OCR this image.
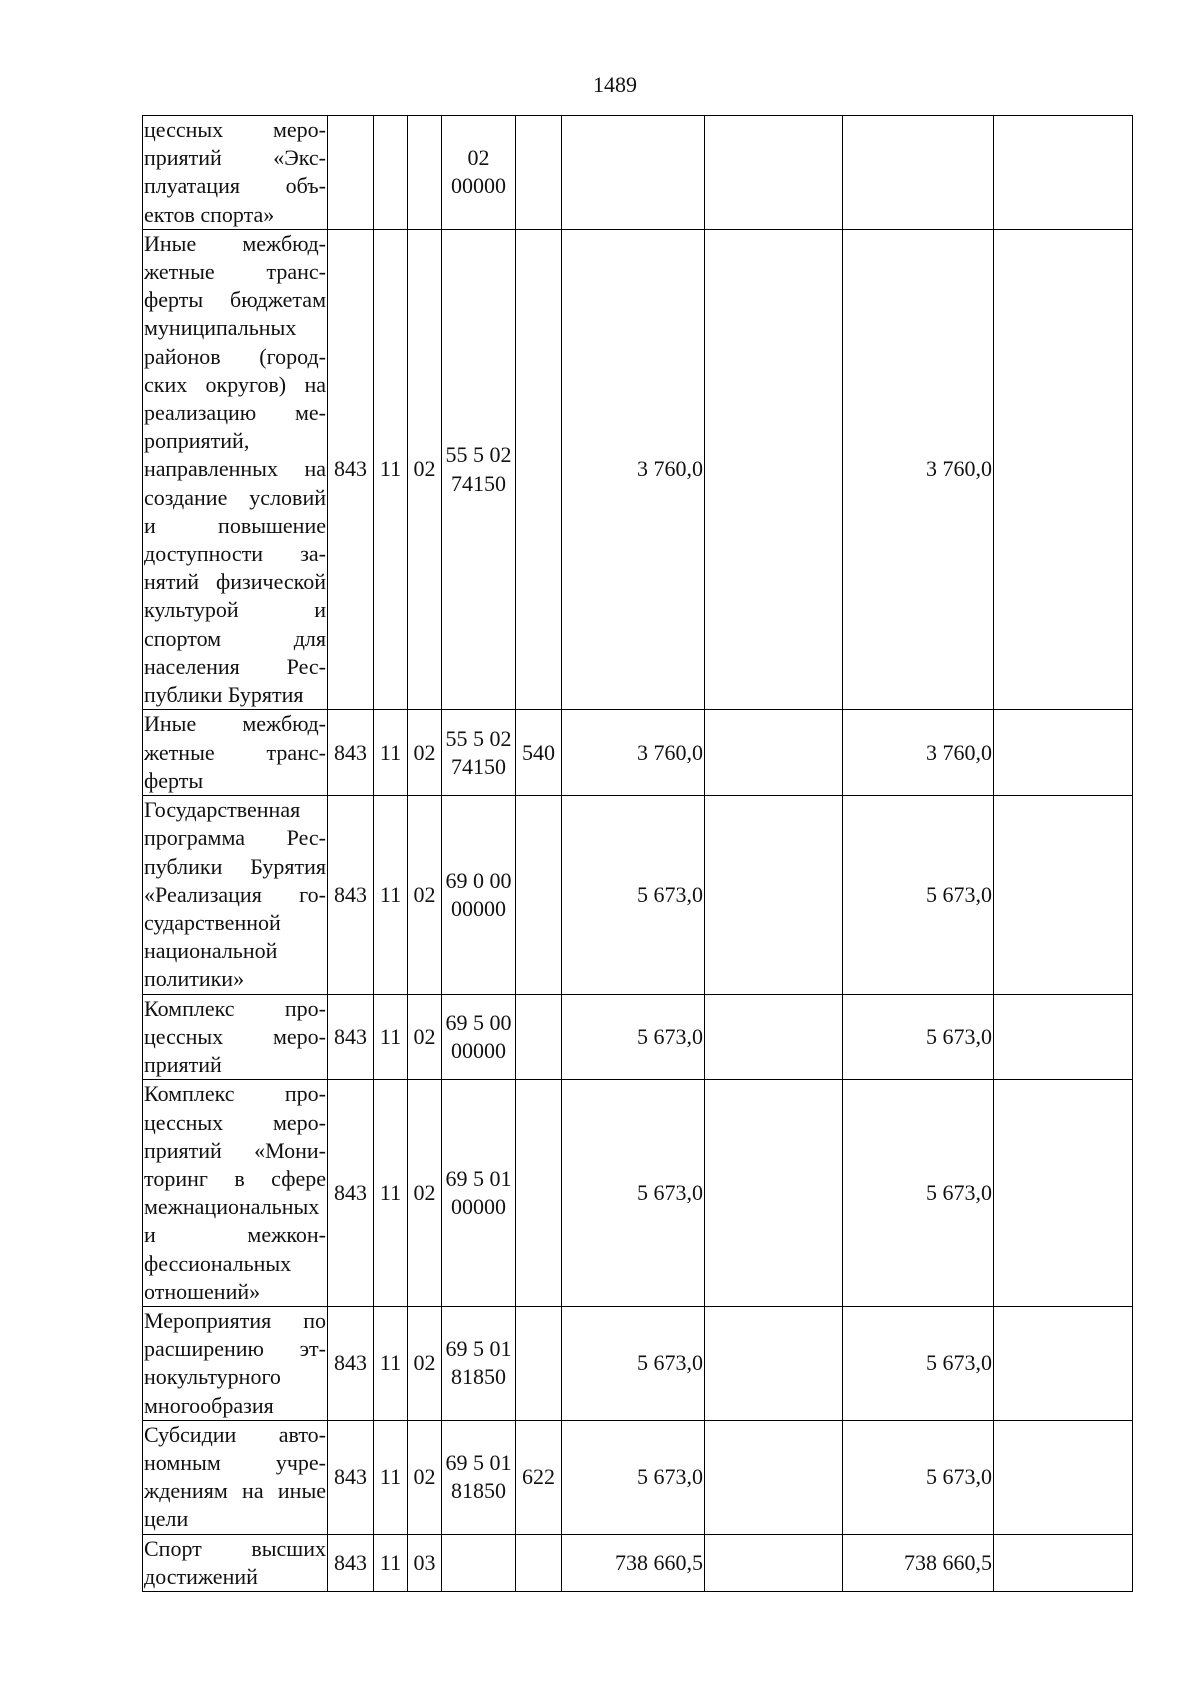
1489
цессных мероприятий «Эксплуатация объектов спорта»				02 00000					
Иные межбюджетные трансферты бюджетам муниципальных районов (городских округов) на реализацию мероприятий, направленных на создание условий и повышение доступности занятий физической культурой и спортом для населения Республики Бурятия	843	11	02	55 5 02 74150		3 760,0		3 760,0	
Иные межбюджетные трансферты	843	11	02	55 5 02 74150	540	3 760,0		3 760,0	
Государственная программа Республики Бурятия «Реализация государственной национальной политики»	843	11	02	69 0 00 00000		5 673,0		5 673,0	
Комплекс процессных мероприятий	843	11	02	69 5 00 00000		5 673,0		5 673,0	
Комплекс процессных мероприятий «Мониторинг в сфере межнациональных и межконфессиональных отношений»	843	11	02	69 5 01 00000		5 673,0		5 673,0	
Мероприятия по расширению этнокультурного многообразия	843	11	02	69 5 01 81850		5 673,0		5 673,0	
Субсидии автономным учреждениям на иные цели	843	11	02	69 5 01 81850	622	5 673,0		5 673,0	
Спорт высших достижений	843	11	03			738 660,5		738 660,5	
